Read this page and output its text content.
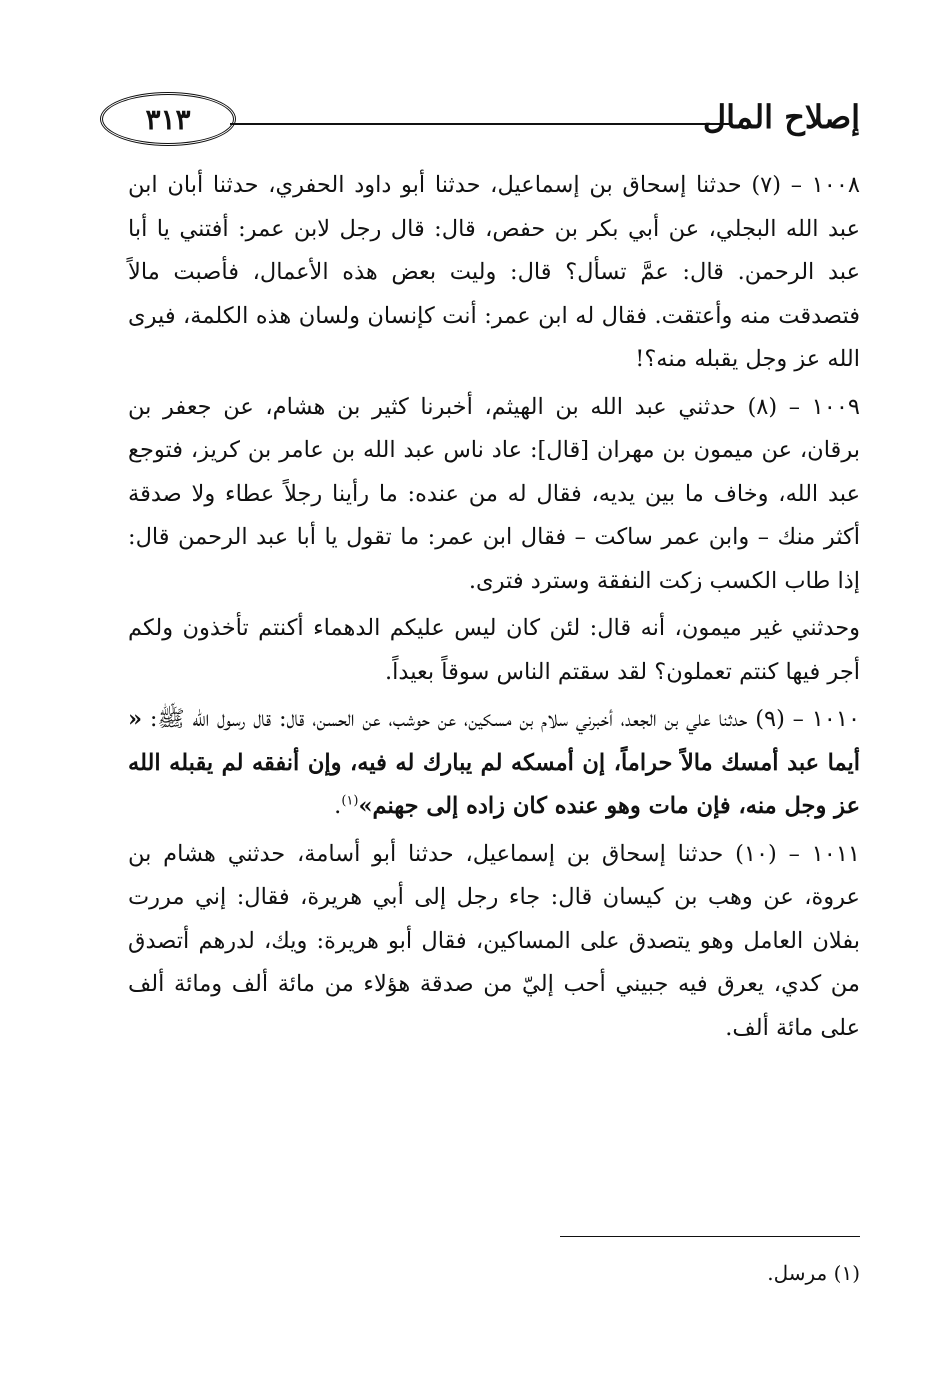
٣١٣	إصلاح المال

١٠٠٨ – (٧) حدثنا إسحاق بن إسماعيل، حدثنا أبو داود الحفري، حدثنا أبان ابن عبد الله البجلي، عن أبي بكر بن حفص، قال: قال رجل لابن عمر: أفتني يا أبا عبد الرحمن. قال: عمَّ تسأل؟ قال: وليت بعض هذه الأعمال، فأصبت مالاً فتصدقت منه وأعتقت. فقال له ابن عمر: أنت كإنسان ولسان هذه الكلمة، فيرى الله عز وجل يقبله منه؟!

١٠٠٩ – (٨) حدثني عبد الله بن الهيثم، أخبرنا كثير بن هشام، عن جعفر بن برقان، عن ميمون بن مهران [قال]: عاد ناس عبد الله بن عامر بن كريز، فتوجع عبد الله، وخاف ما بين يديه، فقال له من عنده: ما رأينا رجلاً عطاء ولا صدقة أكثر منك – وابن عمر ساكت – فقال ابن عمر: ما تقول يا أبا عبد الرحمن قال: إذا طاب الكسب زكت النفقة وسترد فترى.

وحدثني غير ميمون، أنه قال: لئن كان ليس عليكم الدهماء أكنتم تأخذون ولكم أجر فيها كنتم تعملون؟ لقد سقتم الناس سوقاً بعيداً.

١٠١٠ – (٩) حدثنا علي بن الجعد، أخبرني سلام بن مسكين، عن حوشب، عن الحسن، قال: قال رسول الله ﷺ: « أيما عبد أمسك مالاً حراماً، إن أمسكه لم يبارك له فيه، وإن أنفقه لم يقبله الله عز وجل منه، فإن مات وهو عنده كان زاده إلى جهنم»$^{(١)}$.

١٠١١ – (١٠) حدثنا إسحاق بن إسماعيل، حدثنا أبو أسامة، حدثني هشام بن عروة، عن وهب بن كيسان قال: جاء رجل إلى أبي هريرة، فقال: إني مررت بفلان العامل وهو يتصدق على المساكين، فقال أبو هريرة: ويك، لدرهم أتصدق من كدي، يعرق فيه جبيني أحب إليّ من صدقة هؤلاء من مائة ألف ومائة ألف على مائة ألف.

(١) مرسل.
